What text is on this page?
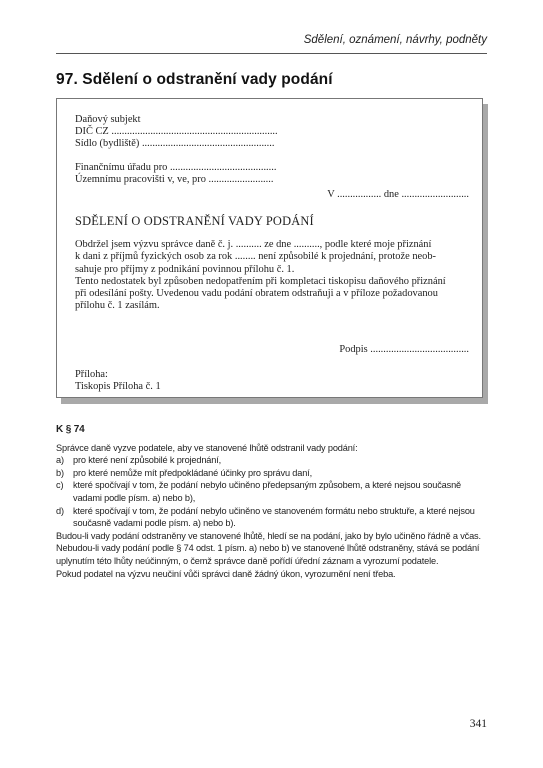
Sdělení, oznámení, návrhy, podněty
97. Sdělení o odstranění vady podání
Daňový subjekt
DIČ CZ ................................................................
Sídlo (bydliště) ...................................................
Finančnímu úřadu pro .........................................
Územnímu pracovišti v, ve, pro .........................
V ................. dne ..........................
SDĚLENÍ O ODSTRANĚNÍ VADY PODÁNÍ
Obdržel jsem výzvu správce daně č. j. .......... ze dne .........., podle které moje přiznání
k dani z příjmů fyzických osob za rok ........ není způsobilé k projednání, protože neob-
sahuje pro příjmy z podnikání povinnou přílohu č. 1.
Tento nedostatek byl způsoben nedopatřením při kompletaci tiskopisu daňového přiznání
při odesílání pošty. Uvedenou vadu podání obratem odstraňuji a v příloze požadovanou
přílohu č. 1 zasílám.
Podpis ......................................
Příloha:
Tiskopis Příloha č. 1
K § 74
Správce daně vyzve podatele, aby ve stanovené lhůtě odstranil vady podání:
a) pro které není způsobilé k projednání,
b) pro které nemůže mít předpokládané účinky pro správu daní,
c)	které spočívají v tom, že podání nebylo učiněno předepsaným způsobem, a které nejsou současně vadami podle písm. a) nebo b),
d) které spočívají v tom, že podání nebylo učiněno ve stanoveném formátu nebo struktuře, a které nejsou současně vadami podle písm. a) nebo b).
Budou-li vady podání odstraněny ve stanovené lhůtě, hledí se na podání, jako by bylo učiněno řádně a včas.
Nebudou-li vady podání podle § 74 odst. 1 písm. a) nebo b) ve stanovené lhůtě odstraněny, stává se podání uplynutím této lhůty neúčinným, o čemž správce daně pořídí úřední záznam a vyrozumí podatele.
Pokud podatel na výzvu neučiní vůči správci daně žádný úkon, vyrozumění není třeba.
341
